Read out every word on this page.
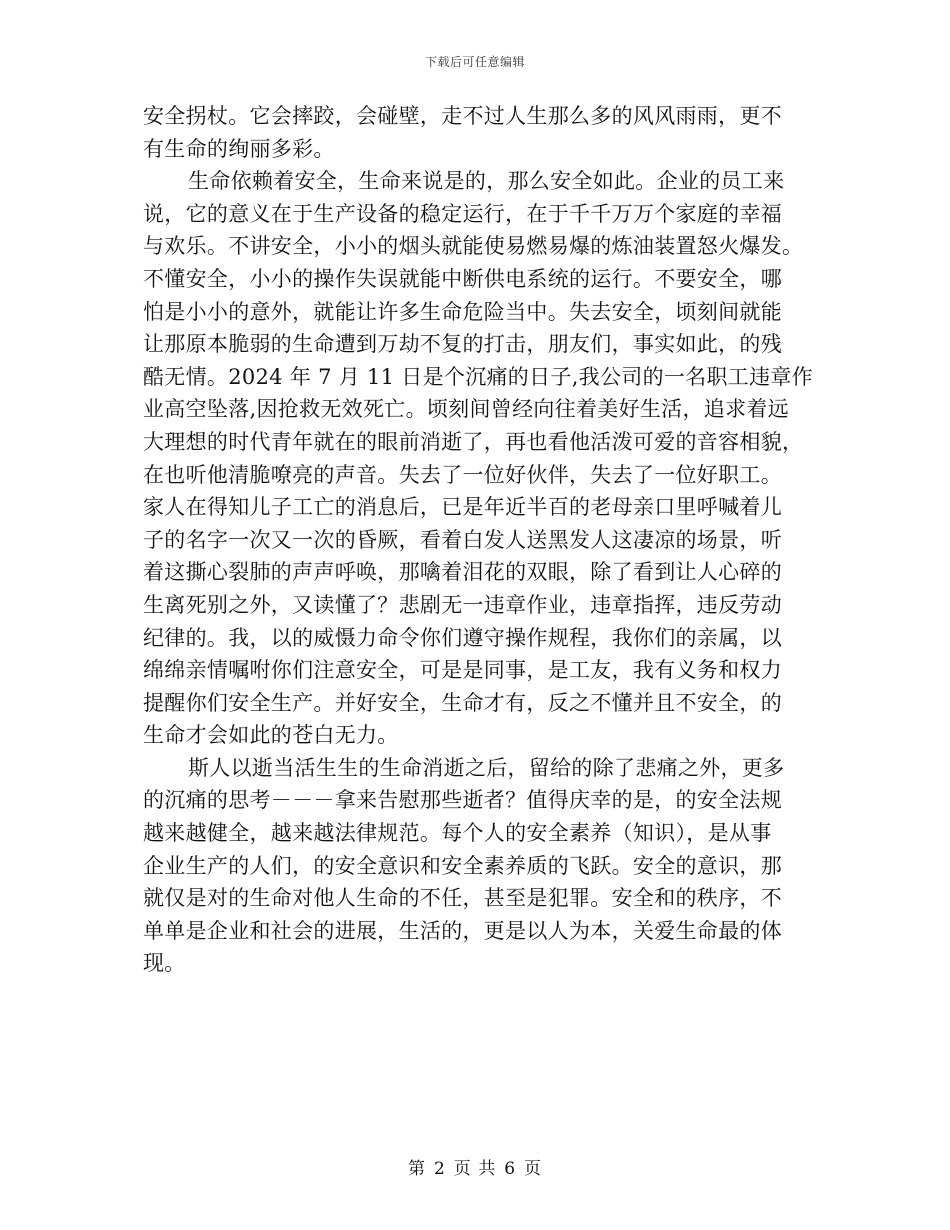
下载后可任意编辑
安全拐杖。它会摔跤，会碰壁，走不过人生那么多的风风雨雨，更不
有生命的绚丽多彩。
生命依赖着安全，生命来说是的，那么安全如此。企业的员工来
说，它的意义在于生产设备的稳定运行，在于千千万万个家庭的幸福
与欢乐。不讲安全，小小的烟头就能使易燃易爆的炼油装置怒火爆发。
不懂安全，小小的操作失误就能中断供电系统的运行。不要安全，哪
怕是小小的意外，就能让许多生命危险当中。失去安全，顷刻间就能
让那原本脆弱的生命遭到万劫不复的打击，朋友们，事实如此，的残
酷无情。2024 年 7 月 11 日是个沉痛的日子,我公司的一名职工违章作
业高空坠落,因抢救无效死亡。顷刻间曾经向往着美好生活，追求着远
大理想的时代青年就在的眼前消逝了，再也看他活泼可爱的音容相貌，
在也听他清脆嘹亮的声音。失去了一位好伙伴，失去了一位好职工。
家人在得知儿子工亡的消息后，已是年近半百的老母亲口里呼喊着儿
子的名字一次又一次的昏厥，看着白发人送黑发人这凄凉的场景，听
着这撕心裂肺的声声呼唤，那噙着泪花的双眼，除了看到让人心碎的
生离死别之外，又读懂了？悲剧无一违章作业，违章指挥，违反劳动
纪律的。我，以的威慑力命令你们遵守操作规程，我你们的亲属，以
绵绵亲情嘱咐你们注意安全，可是是同事，是工友，我有义务和权力
提醒你们安全生产。并好安全，生命才有，反之不懂并且不安全，的
生命才会如此的苍白无力。
斯人以逝当活生生的生命消逝之后，留给的除了悲痛之外，更多
的沉痛的思考－－－拿来告慰那些逝者？值得庆幸的是，的安全法规
越来越健全，越来越法律规范。每个人的安全素养（知识），是从事
企业生产的人们，的安全意识和安全素养质的飞跃。安全的意识，那
就仅是对的生命对他人生命的不任，甚至是犯罪。安全和的秩序，不
单单是企业和社会的进展，生活的，更是以人为本，关爱生命最的体
现。
第 2 页 共 6 页
